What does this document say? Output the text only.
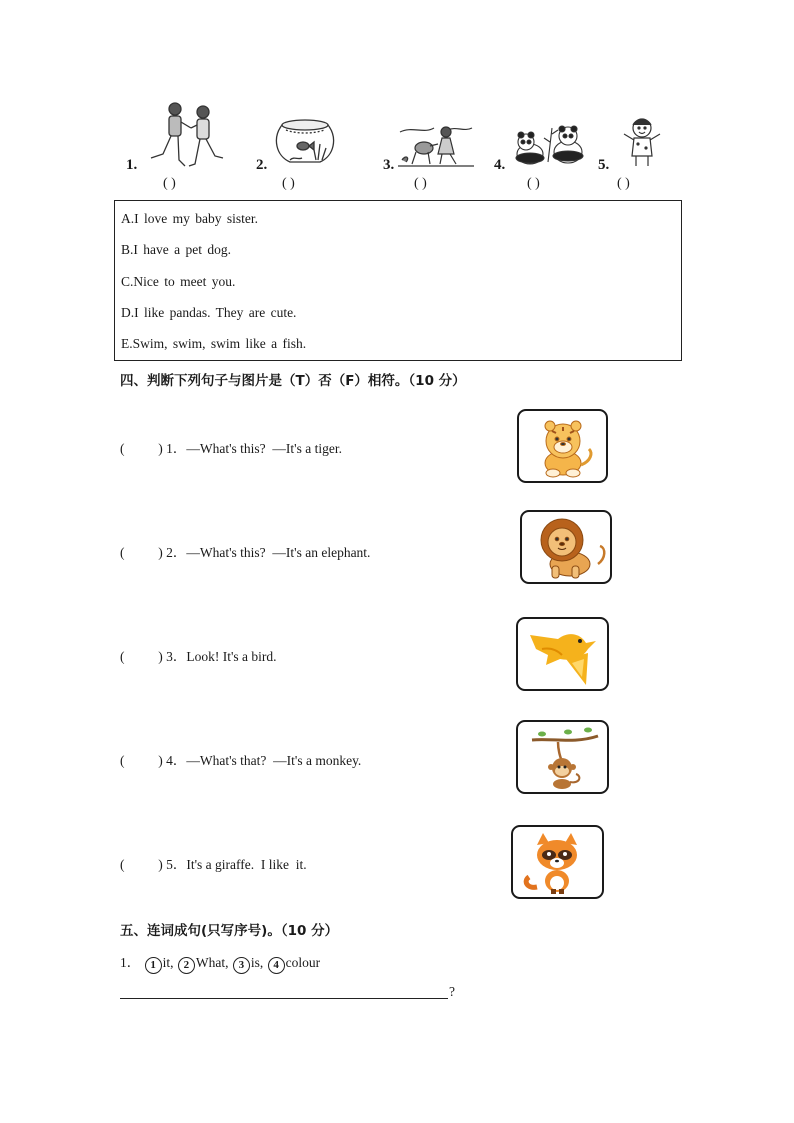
1.
( )
2.
( )
3.
( )
4.
( )
5.
( )
A.I love my baby sister.
B.I have a pet dog.
C.Nice to meet you.
D.I like pandas. They are cute.
E.Swim, swim, swim like a fish.
四、判断下列句子与图片是（T）否（F）相符。（10 分）
(          ) 1．—What's this?  —It's a tiger.
(          ) 2．—What's this?  —It's an elephant.
(          ) 3．Look! It's a bird.
(          ) 4．—What's that?  —It's a monkey.
(          ) 5．It's a giraffe.  I like  it.
五、连词成句(只写序号)。（10 分）
1． 1 it, 2 What, 3 is, 4 colour
?
